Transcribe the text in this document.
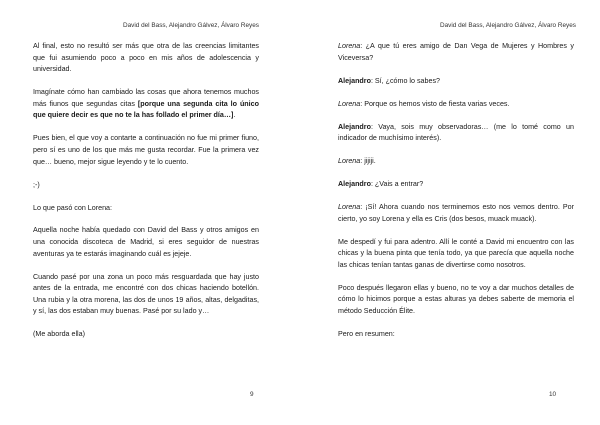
David del Bass, Alejandro Gálvez, Álvaro Reyes

Al final, esto no resultó ser más que otra de las creencias limitantes que fui asumiendo poco a poco en mis años de adolescencia y universidad.

Imagínate cómo han cambiado las cosas que ahora tenemos muchos más fiunos que segundas citas [porque una segunda cita lo único que quiere decir es que no te la has follado el primer día…].

Pues bien, el que voy a contarte a continuación no fue mi primer fiuno, pero sí es uno de los que más me gusta recordar. Fue la primera vez que… bueno, mejor sigue leyendo y te lo cuento.

;-)

Lo que pasó con Lorena:

Aquella noche había quedado con David del Bass y otros amigos en una conocida discoteca de Madrid, si eres seguidor de nuestras aventuras ya te estarás imaginando cuál es jejeje.

Cuando pasé por una zona un poco más resguardada que hay justo antes de la entrada, me encontré con dos chicas haciendo botellón. Una rubia y la otra morena, las dos de unos 19 años, altas, delgaditas, y sí, las dos estaban muy buenas. Pasé por su lado y…

(Me aborda ella)

9
David del Bass, Alejandro Gálvez, Álvaro Reyes

Lorena: ¿A que tú eres amigo de Dan Vega de Mujeres y Hombres y Viceversa?

Alejandro: Sí, ¿cómo lo sabes?

Lorena: Porque os hemos visto de fiesta varias veces.

Alejandro: Vaya, sois muy observadoras… (me lo tomé como un indicador de muchísimo interés).

Lorena: jijiji.

Alejandro: ¿Vais a entrar?

Lorena: ¡Sí! Ahora cuando nos terminemos esto nos vemos dentro. Por cierto, yo soy Lorena y ella es Cris (dos besos, muack muack).

Me despedí y fui para adentro. Allí le conté a David mi encuentro con las chicas y la buena pinta que tenía todo, ya que parecía que aquella noche las chicas tenían tantas ganas de divertirse como nosotros.

Poco después llegaron ellas y bueno, no te voy a dar muchos detalles de cómo lo hicimos porque a estas alturas ya debes saberte de memoria el método Seducción Élite.

Pero en resumen:

10
